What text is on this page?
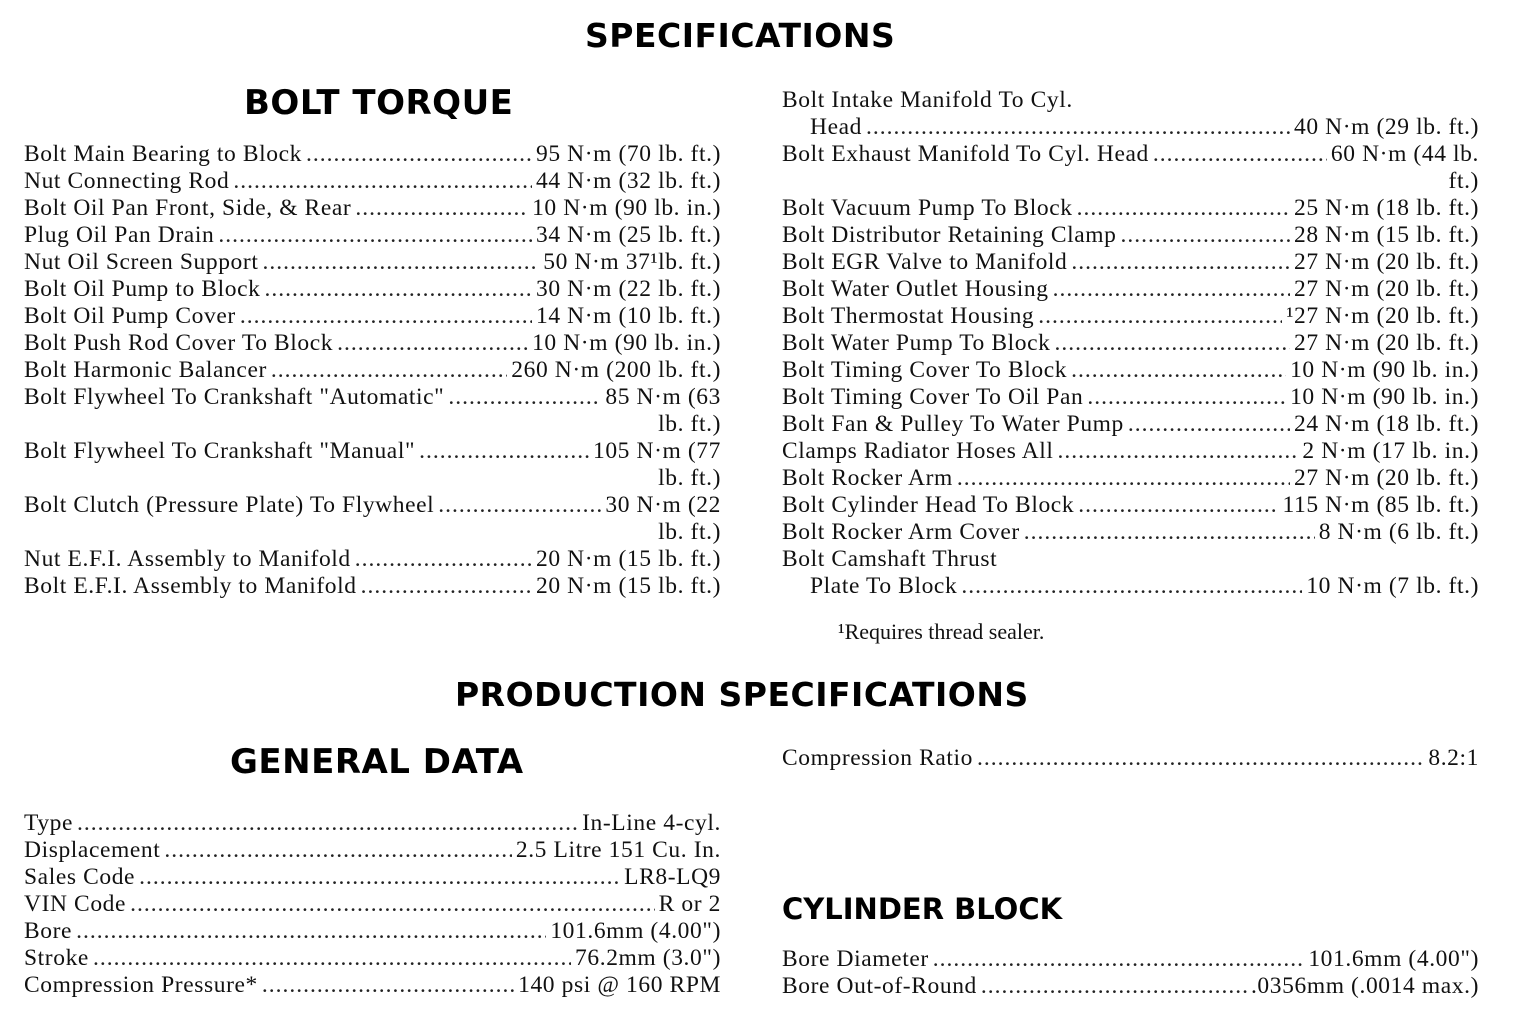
SPECIFICATIONS
BOLT TORQUE
Bolt Main Bearing to Block .....	95 N·m (70 lb. ft.)
Nut Connecting Rod .....	44 N·m (32 lb. ft.)
Bolt Oil Pan Front, Side, & Rear .....	10 N·m (90 lb. in.)
Plug Oil Pan Drain .....	34 N·m (25 lb. ft.)
Nut Oil Screen Support .....	50 N·m 37¹lb. ft.)
Bolt Oil Pump to Block .....	30 N·m (22 lb. ft.)
Bolt Oil Pump Cover .....	14 N·m (10 lb. ft.)
Bolt Push Rod Cover To Block .....	10 N·m (90 lb. in.)
Bolt Harmonic Balancer .....	260 N·m (200 lb. ft.)
Bolt Flywheel To Crankshaft "Automatic" .....	85 N·m (63
lb. ft.)
Bolt Flywheel To Crankshaft "Manual" .....	105 N·m (77
lb. ft.)
Bolt Clutch (Pressure Plate) To Flywheel .....	30 N·m (22
lb. ft.)
Nut E.F.I. Assembly to Manifold .....	20 N·m (15 lb. ft.)
Bolt E.F.I. Assembly to Manifold .....	20 N·m (15 lb. ft.)
Bolt Intake Manifold To Cyl.
Head .....	40 N·m (29 lb. ft.)
Bolt Exhaust Manifold To Cyl. Head .....	60 N·m (44 lb.
ft.)
Bolt Vacuum Pump To Block .....	25 N·m (18 lb. ft.)
Bolt Distributor Retaining Clamp .....	28 N·m (15 lb. ft.)
Bolt EGR Valve to Manifold .....	27 N·m (20 lb. ft.)
Bolt Water Outlet Housing .....	27 N·m (20 lb. ft.)
Bolt Thermostat Housing .....	¹27 N·m (20 lb. ft.)
Bolt Water Pump To Block .....	27 N·m (20 lb. ft.)
Bolt Timing Cover To Block .....	10 N·m (90 lb. in.)
Bolt Timing Cover To Oil Pan .....	10 N·m (90 lb. in.)
Bolt Fan & Pulley To Water Pump .....	24 N·m (18 lb. ft.)
Clamps Radiator Hoses All .....	2 N·m (17 lb. in.)
Bolt Rocker Arm .....	27 N·m (20 lb. ft.)
Bolt Cylinder Head To Block .....	115 N·m (85 lb. ft.)
Bolt Rocker Arm Cover .....	8 N·m (6 lb. ft.)
Bolt Camshaft Thrust
Plate To Block .....	10 N·m (7 lb. ft.)
¹Requires thread sealer.
PRODUCTION SPECIFICATIONS
GENERAL DATA
Type .....	In-Line 4-cyl.
Displacement .....	2.5 Litre 151 Cu. In.
Sales Code .....	LR8-LQ9
VIN Code .....	R or 2
Bore .....	101.6mm (4.00")
Stroke .....	76.2mm (3.0")
Compression Pressure* .....	140 psi @ 160 RPM
Compression Ratio .....	8.2:1
CYLINDER BLOCK
Bore Diameter .....	101.6mm (4.00")
Bore Out-of-Round .....	.0356mm (.0014 max.)
